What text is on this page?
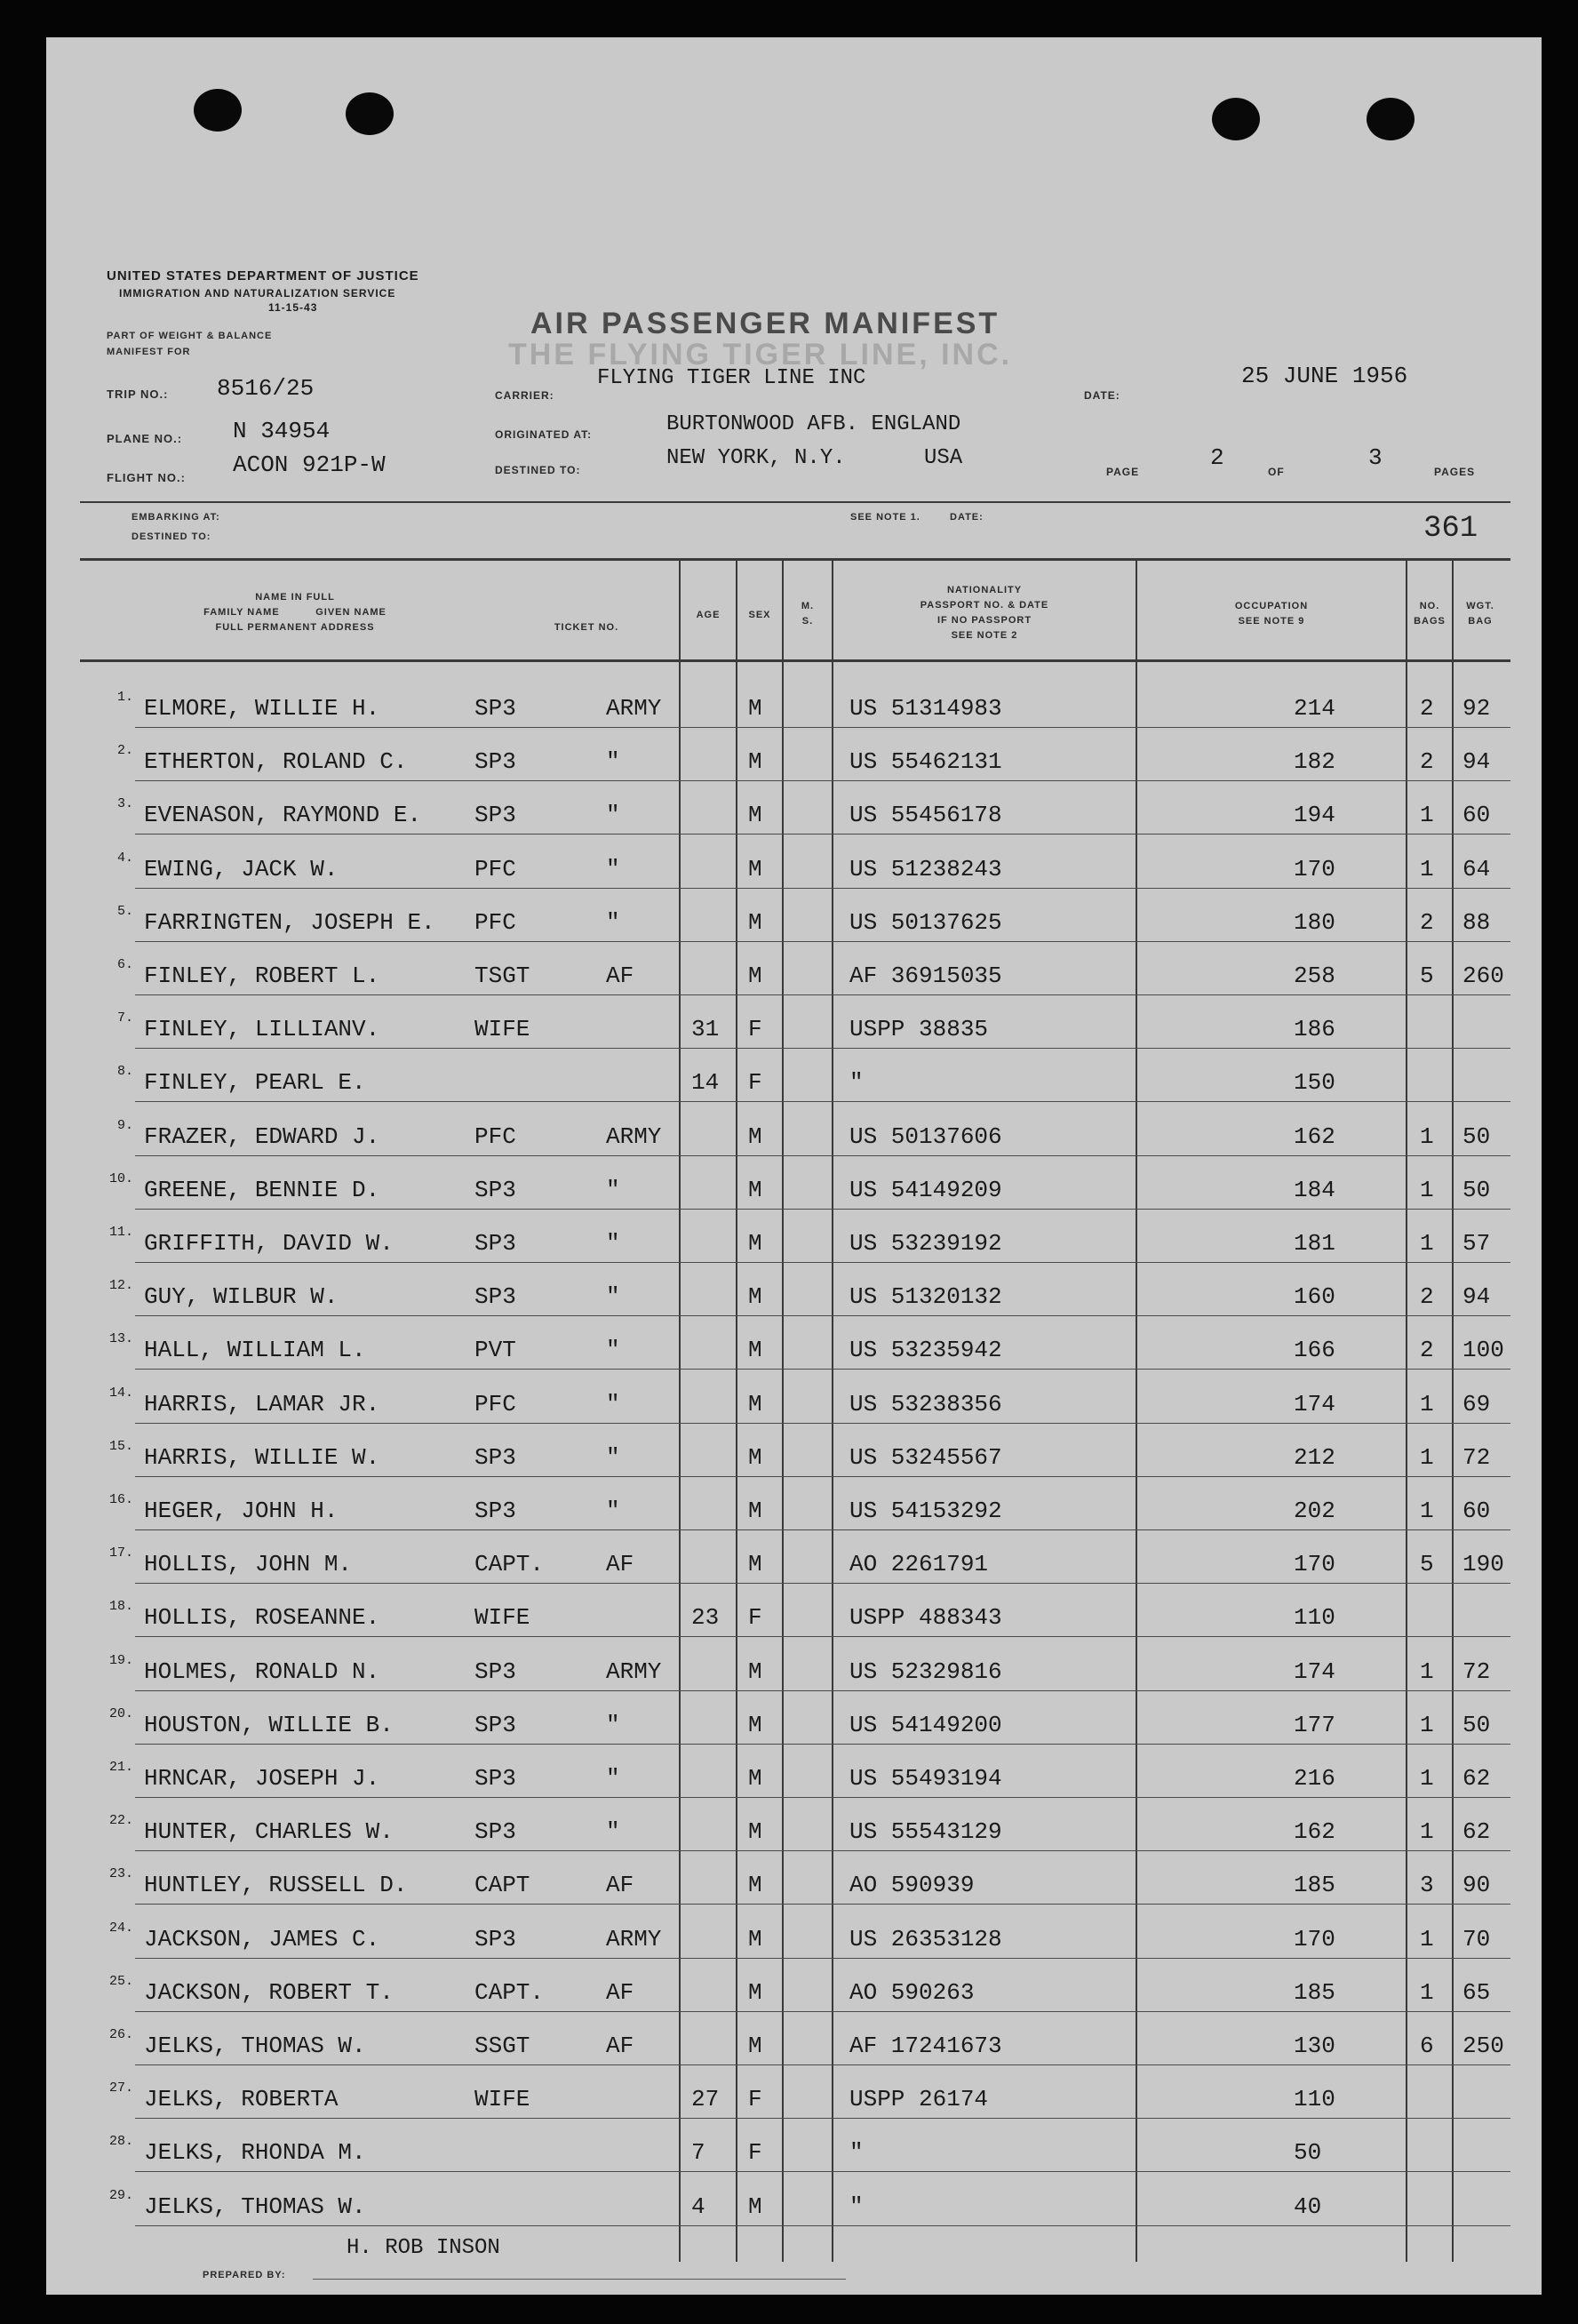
UNITED STATES DEPARTMENT OF JUSTICE
IMMIGRATION AND NATURALIZATION SERVICE
11-15-43
PART OF WEIGHT & BALANCE
MANIFEST FOR
AIR PASSENGER MANIFEST
THE FLYING TIGER LINE, INC.
TRIP NO.: 8516/25
PLANE NO.: N 34954
FLIGHT NO.: ACON 921P-W
CARRIER:
FLYING TIGER LINE INC
ORIGINATED AT:	BURTONWOOD AFB. ENGLAND
DESTINED TO:	NEW YORK, N.Y.	USA
DATE:
25 JUNE 1956
PAGE
2
OF
3
PAGES
EMBARKING AT:
DESTINED TO:
SEE NOTE 1.	DATE:	361
NAME IN FULL
FAMILY NAME          GIVEN NAME
FULL PERMANENT ADDRESS	TICKET NO.
AGE	SEX
M.
S.
NATIONALITY
PASSPORT NO. & DATE
IF NO PASSPORT
SEE NOTE 2
OCCUPATION
SEE NOTE 9
NO.
BAGS
WGT.
BAG
1. ELMORE, WILLIE H.	SP3	ARMY	M	US 51314983	214	2 92
2. ETHERTON, ROLAND C.	SP3	"	M	US 55462131	182	2 94
3. EVENASON, RAYMOND E. SP3	"	M	US 55456178	194	1 60
4. EWING, JACK W.	PFC	"	M	US 51238243	170	1 64
5. FARRINGTEN, JOSEPH E. PFC	"	M	US 50137625	180	2 88
6. FINLEY, ROBERT L.	TSGT	AF	M	AF 36915035	258	5 260
7. FINLEY, LILLIANV.	WIFE	31 F	USPP 38835	186
8. FINLEY, PEARL E.	14 F	"	150
9. FRAZER, EDWARD J.	PFC	ARMY	M	US 50137606	162	1 50
10. GREENE, BENNIE D.	SP3	"	M	US 54149209	184	1 50
11. GRIFFITH, DAVID W.	SP3	"	M	US 53239192	181	1 57
12. GUY, WILBUR W.	SP3	"	M	US 51320132	160	2 94
13. HALL, WILLIAM L.	PVT	"	M	US 53235942	166	2 100
14. HARRIS, LAMAR JR.	PFC	"	M	US 53238356	174	1 69
15. HARRIS, WILLIE W.	SP3	"	M	US 53245567	212	1 72
16. HEGER, JOHN H.	SP3	"	M	US 54153292	202	1 60
17. HOLLIS, JOHN M.	CAPT.	AF	M	AO 2261791	170	5 190
18. HOLLIS, ROSEANNE.	WIFE	23 F	USPP 488343	110
19. HOLMES, RONALD N.	SP3	ARMY	M	US 52329816	174	1 72
20. HOUSTON, WILLIE B.	SP3	"	M	US 54149200	177	1 50
21. HRNCAR, JOSEPH J.	SP3	"	M	US 55493194	216	1 62
22. HUNTER, CHARLES W.	SP3	"	M	US 55543129	162	1 62
23. HUNTLEY, RUSSELL D.	CAPT	AF	M	AO 590939	185	3 90
24. JACKSON, JAMES C.	SP3	ARMY	M	US 26353128	170	1 70
25. JACKSON, ROBERT T.	CAPT.	AF	M	AO 590263	185	1 65
26. JELKS, THOMAS W.	SSGT	AF	M	AF 17241673	130	6 250
27. JELKS, ROBERTA	WIFE	27 F	USPP 26174	110
28. JELKS, RHONDA M.	7 F	"	50
29. JELKS, THOMAS W.	4 M	"	40
H. ROB INSON
PREPARED BY:
